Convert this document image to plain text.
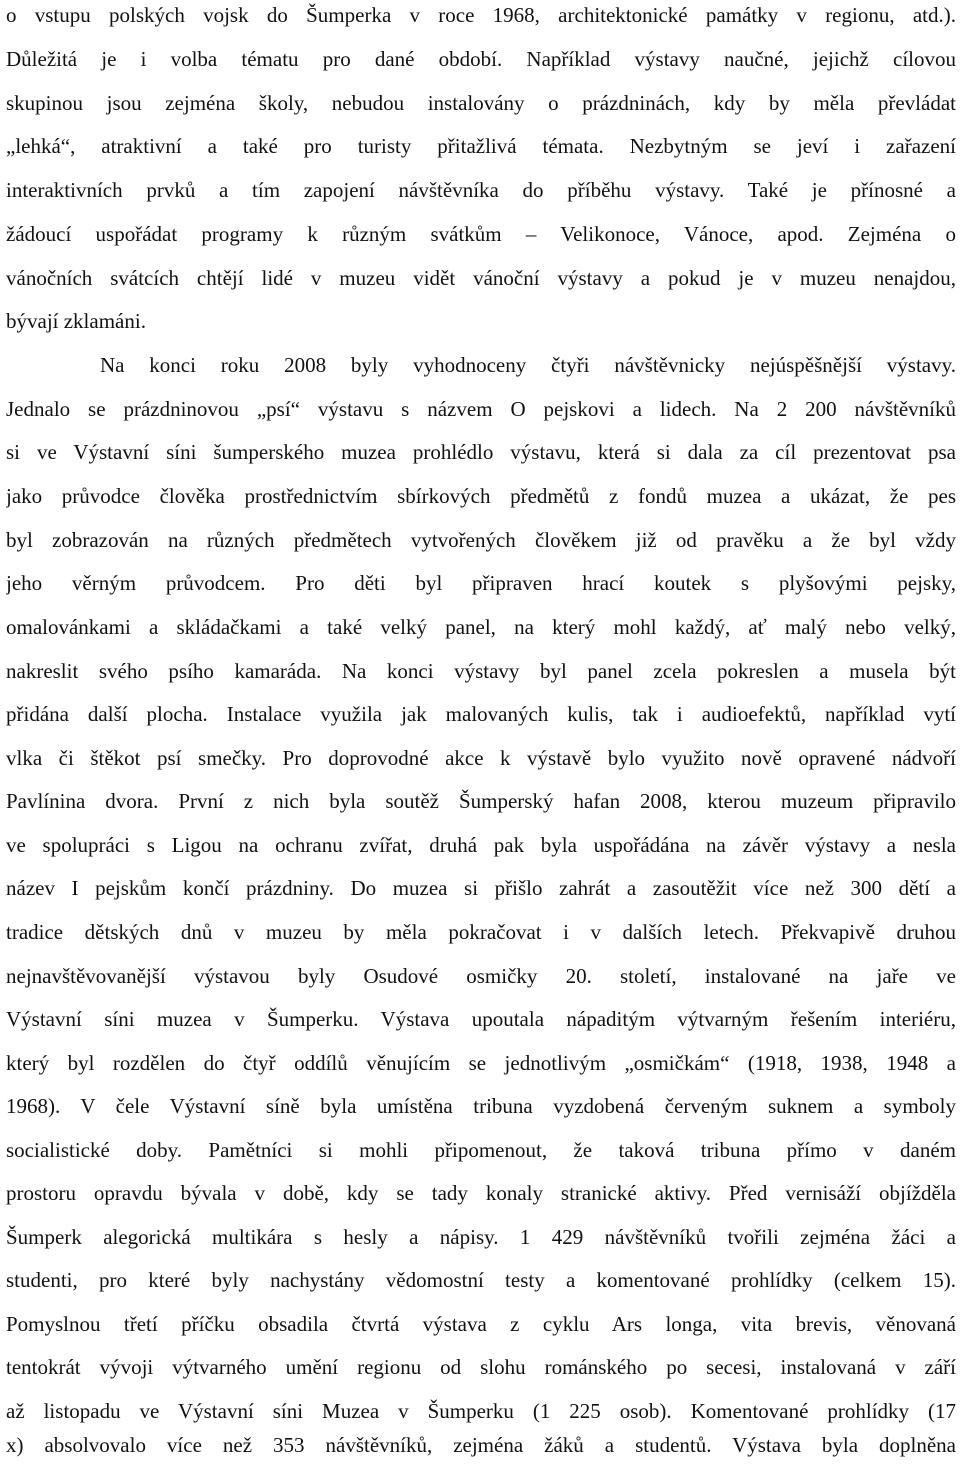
o vstupu polských vojsk do Šumperka v roce 1968, architektonické památky v regionu, atd.).
Důležitá je i volba tématu pro dané období. Například výstavy naučné, jejichž cílovou
skupinou jsou zejména školy, nebudou instalovány o prázdninách, kdy by měla převládat
„lehká“, atraktivní a také pro turisty přitažlivá témata. Nezbytným se jeví i zařazení
interaktivních prvků a tím zapojení návštěvníka do příběhu výstavy. Také je přínosné a
žádoucí uspořádat programy k různým svátkům – Velikonoce, Vánoce, apod. Zejména o
vánočních svátcích chtějí lidé v muzeu vidět vánoční výstavy a pokud je v muzeu nenajdou,
bývají zklamáni.
Na konci roku 2008 byly vyhodnoceny čtyři návštěvnicky nejúspěšnější výstavy.
Jednalo se prázdninovou „psí“ výstavu s názvem O pejskovi a lidech. Na 2 200 návštěvníků
si ve Výstavní síni šumperského muzea prohlédlo výstavu, která si dala za cíl prezentovat psa
jako průvodce člověka prostřednictvím sbírkových předmětů z fondů muzea a ukázat, že pes
byl zobrazován na různých předmětech vytvořených člověkem již od pravěku a že byl vždy
jeho věrným průvodcem. Pro děti byl připraven hrací koutek s plyšovými pejsky,
omalovánkami a skládačkami a také velký panel, na který mohl každý, ať malý nebo velký,
nakreslit svého psího kamaráda. Na konci výstavy byl panel zcela pokreslen a musela být
přidána další plocha. Instalace využila jak malovaných kulis, tak i audioefektů, například vytí
vlka či štěkot psí smečky. Pro doprovodné akce k výstavě bylo využito nově opravené nádvoří
Pavlínina dvora. První z nich byla soutěž Šumperský hafan 2008, kterou muzeum připravilo
ve spolupráci s Ligou na ochranu zvířat, druhá pak byla uspořádána na závěr výstavy a nesla
název I pejskům končí prázdniny. Do muzea si přišlo zahrát a zasoutěžit více než 300 dětí a
tradice dětských dnů v muzeu by měla pokračovat i v dalších letech. Překvapivě druhou
nejnavštěvovanější výstavou byly Osudové osmičky 20. století, instalované na jaře ve
Výstavní síni muzea v Šumperku. Výstava upoutala nápaditým výtvarným řešením interiéru,
který byl rozdělen do čtyř oddílů věnujícím se jednotlivým „osmičkám“ (1918, 1938, 1948 a
1968). V čele Výstavní síně byla umístěna tribuna vyzdobená červeným suknem a symboly
socialistické doby. Pamětníci si mohli připomenout, že taková tribuna přímo v daném
prostoru opravdu bývala v době, kdy se tady konaly stranické aktivy. Před vernisáží objížděla
Šumperk alegorická multikára s hesly a nápisy. 1 429 návštěvníků tvořili zejména žáci a
studenti, pro které byly nachystány vědomostní testy a komentované prohlídky (celkem 15).
Pomyslnou třetí příčku obsadila čtvrtá výstava z cyklu Ars longa, vita brevis, věnovaná
tentokrát vývoji výtvarného umění regionu od slohu románského po secesi, instalovaná v září
až listopadu ve Výstavní síni Muzea v Šumperku (1 225 osob). Komentované prohlídky (17
x) absolvovalo více než 353 návštěvníků, zejména žáků a studentů. Výstava byla doplněna
